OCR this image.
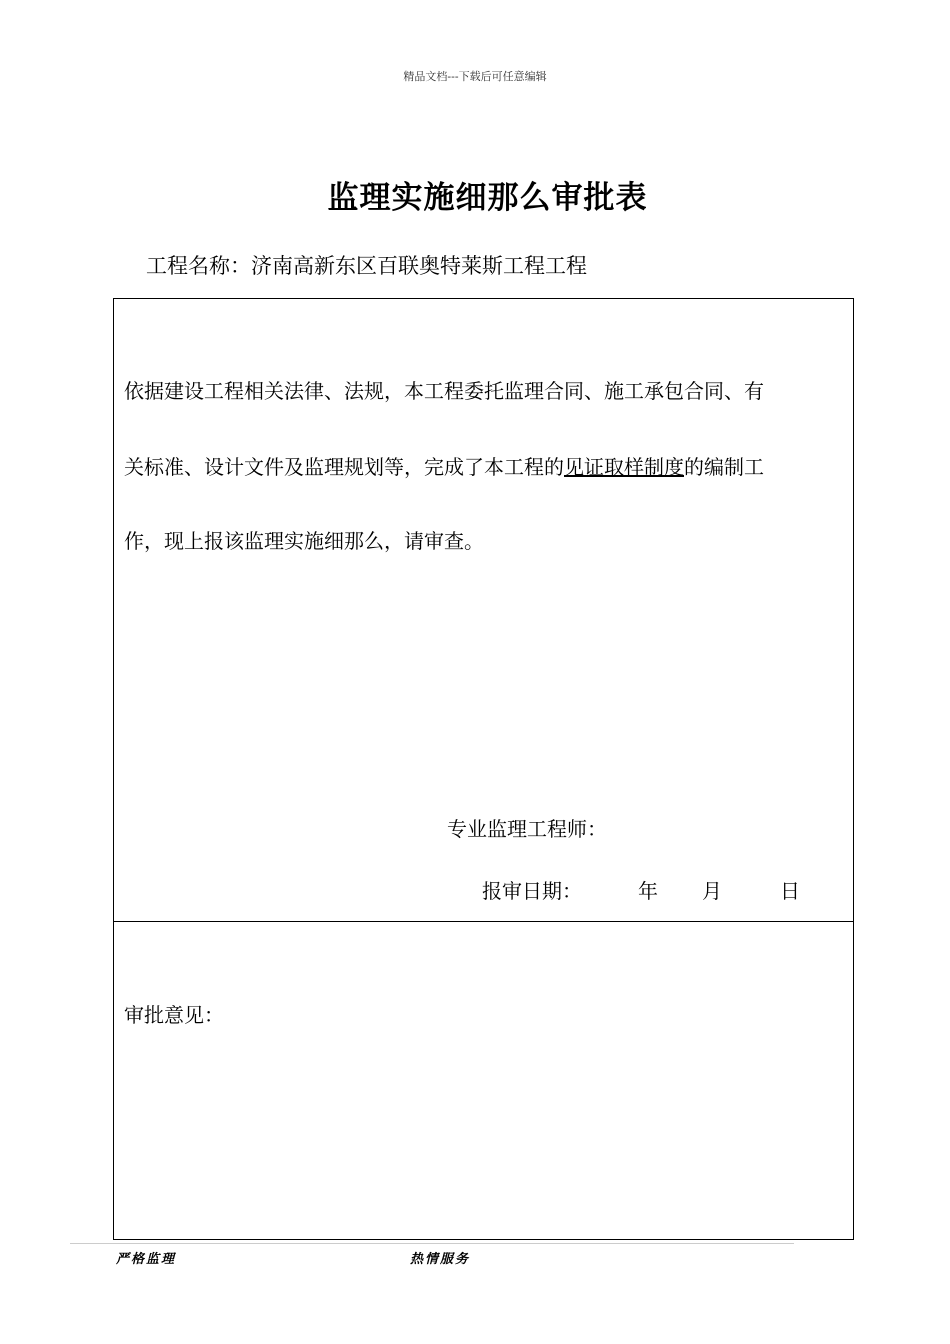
精品文档---下载后可任意编辑
监理实施细那么审批表
工程名称：济南高新东区百联奥特莱斯工程工程
依据建设工程相关法律、法规，本工程委托监理合同、施工承包合同、有
关标准、设计文件及监理规划等，完成了本工程的见证取样制度的编制工
作，现上报该监理实施细那么，请审查。
专业监理工程师：
报审日期：	年 月	日
审批意见：
严格监理	热情服务
